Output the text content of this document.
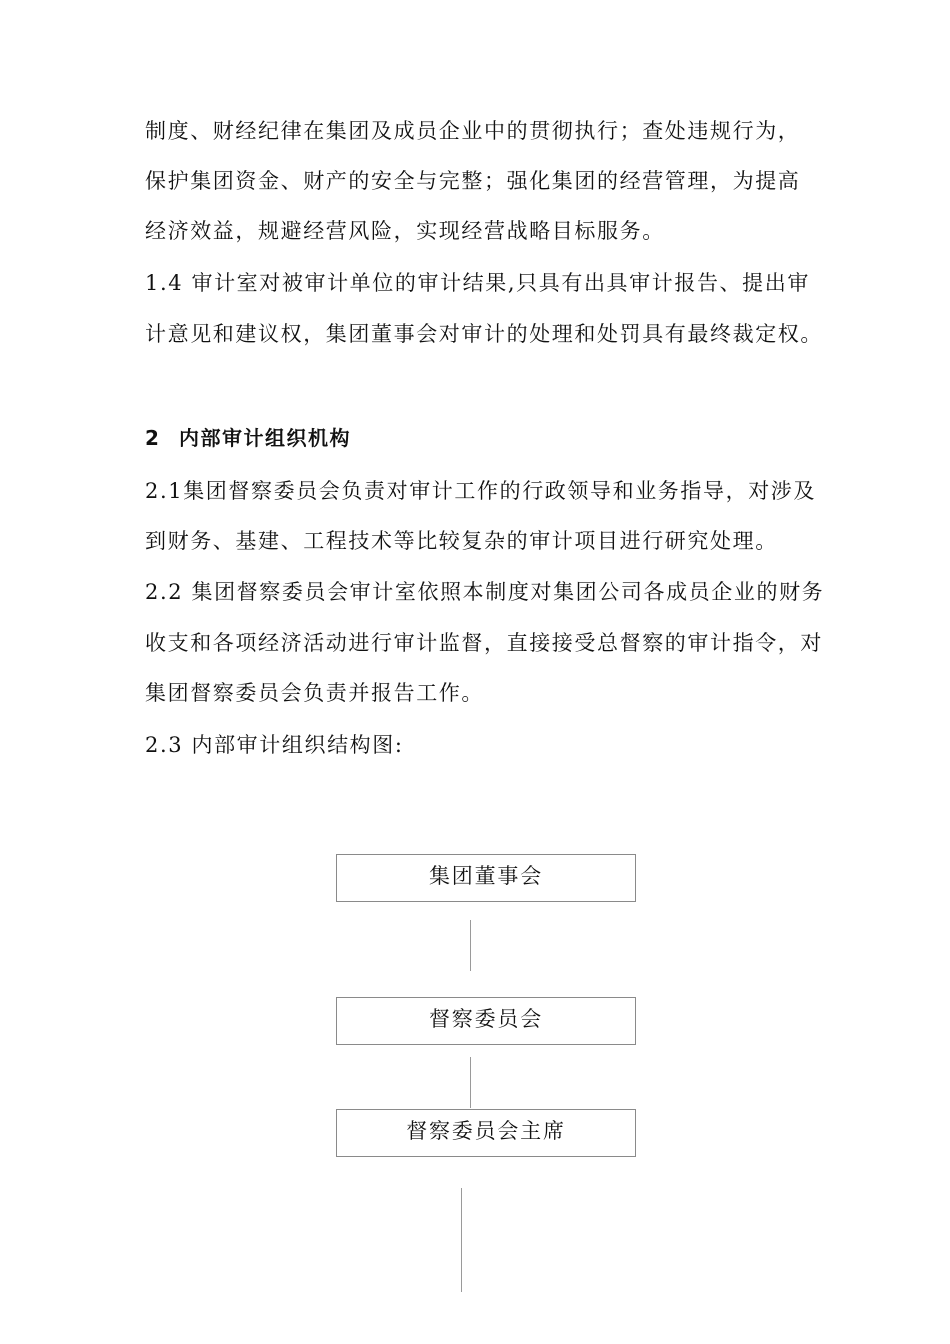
制度、财经纪律在集团及成员企业中的贯彻执行；查处违规行为，
保护集团资金、财产的安全与完整；强化集团的经营管理，为提高
经济效益，规避经营风险，实现经营战略目标服务。
1.4 审计室对被审计单位的审计结果,只具有出具审计报告、提出审
计意见和建议权，集团董事会对审计的处理和处罚具有最终裁定权。
2 内部审计组织机构
2.1集团督察委员会负责对审计工作的行政领导和业务指导，对涉及
到财务、基建、工程技术等比较复杂的审计项目进行研究处理。
2.2 集团督察委员会审计室依照本制度对集团公司各成员企业的财务
收支和各项经济活动进行审计监督，直接接受总督察的审计指令，对
集团督察委员会负责并报告工作。
2.3 内部审计组织结构图:
集团董事会
督察委员会
督察委员会主席
